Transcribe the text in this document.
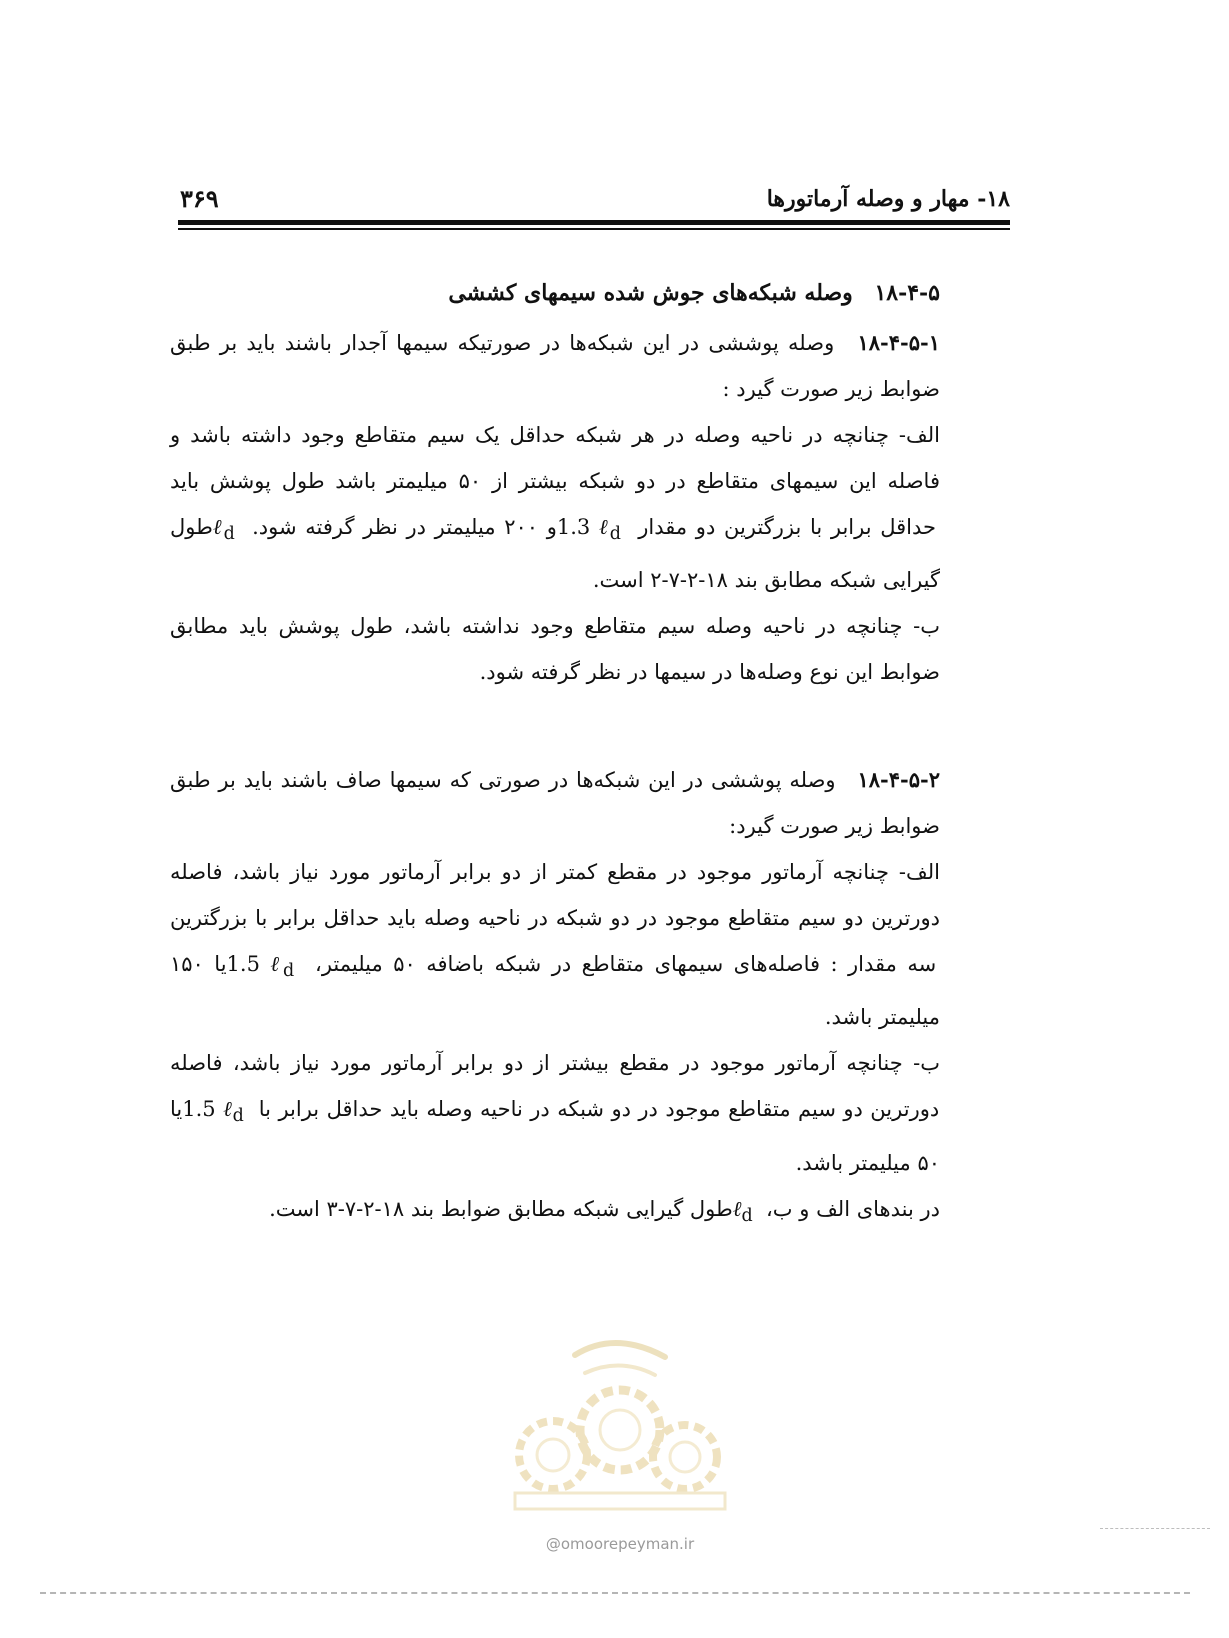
۱۸- مهار و وصله آرماتورها
۳۶۹

۱۸-۴-۵ وصله شبکه‌های جوش شده سیمهای کششی

۱۸-۴-۵-۱ وصله پوششی در این شبکه‌ها در صورتیکه سیمها آجدار باشند باید بر طبق ضوابط زیر صورت گیرد :

الف- چنانچه در ناحیه وصله در هر شبکه حداقل یک سیم متقاطع وجود داشته باشد و فاصله این سیمهای متقاطع در دو شبکه بیشتر از ۵۰ میلیمتر باشد طول پوشش باید حداقل برابر با بزرگترین دو مقدار 1.3 ℓ$_d$ و ۲۰۰ میلیمتر در نظر گرفته شود. ℓ$_d$ طول گیرایی شبکه مطابق بند ۱۸-۲-۷-۲ است.

ب- چنانچه در ناحیه وصله سیم متقاطع وجود نداشته باشد، طول پوشش باید مطابق ضوابط این نوع وصله‌ها در سیمها در نظر گرفته شود.

۱۸-۴-۵-۲ وصله پوششی در این شبکه‌ها در صورتی که سیمها صاف باشند باید بر طبق ضوابط زیر صورت گیرد:

الف- چنانچه آرماتور موجود در مقطع کمتر از دو برابر آرماتور مورد نیاز باشد، فاصله دورترین دو سیم متقاطع موجود در دو شبکه در ناحیه وصله باید حداقل برابر با بزرگترین سه مقدار : فاصله‌های سیمهای متقاطع در شبکه باضافه ۵۰ میلیمتر، 1.5 ℓ$_d$ یا ۱۵۰ میلیمتر باشد.

ب- چنانچه آرماتور موجود در مقطع بیشتر از دو برابر آرماتور مورد نیاز باشد، فاصله دورترین دو سیم متقاطع موجود در دو شبکه در ناحیه وصله باید حداقل برابر با 1.5 ℓ$_d$ یا ۵۰ میلیمتر باشد.

در بندهای الف و ب، ℓ$_d$ طول گیرایی شبکه مطابق ضوابط بند ۱۸-۲-۷-۳ است.

@omoorepeyman.ir
